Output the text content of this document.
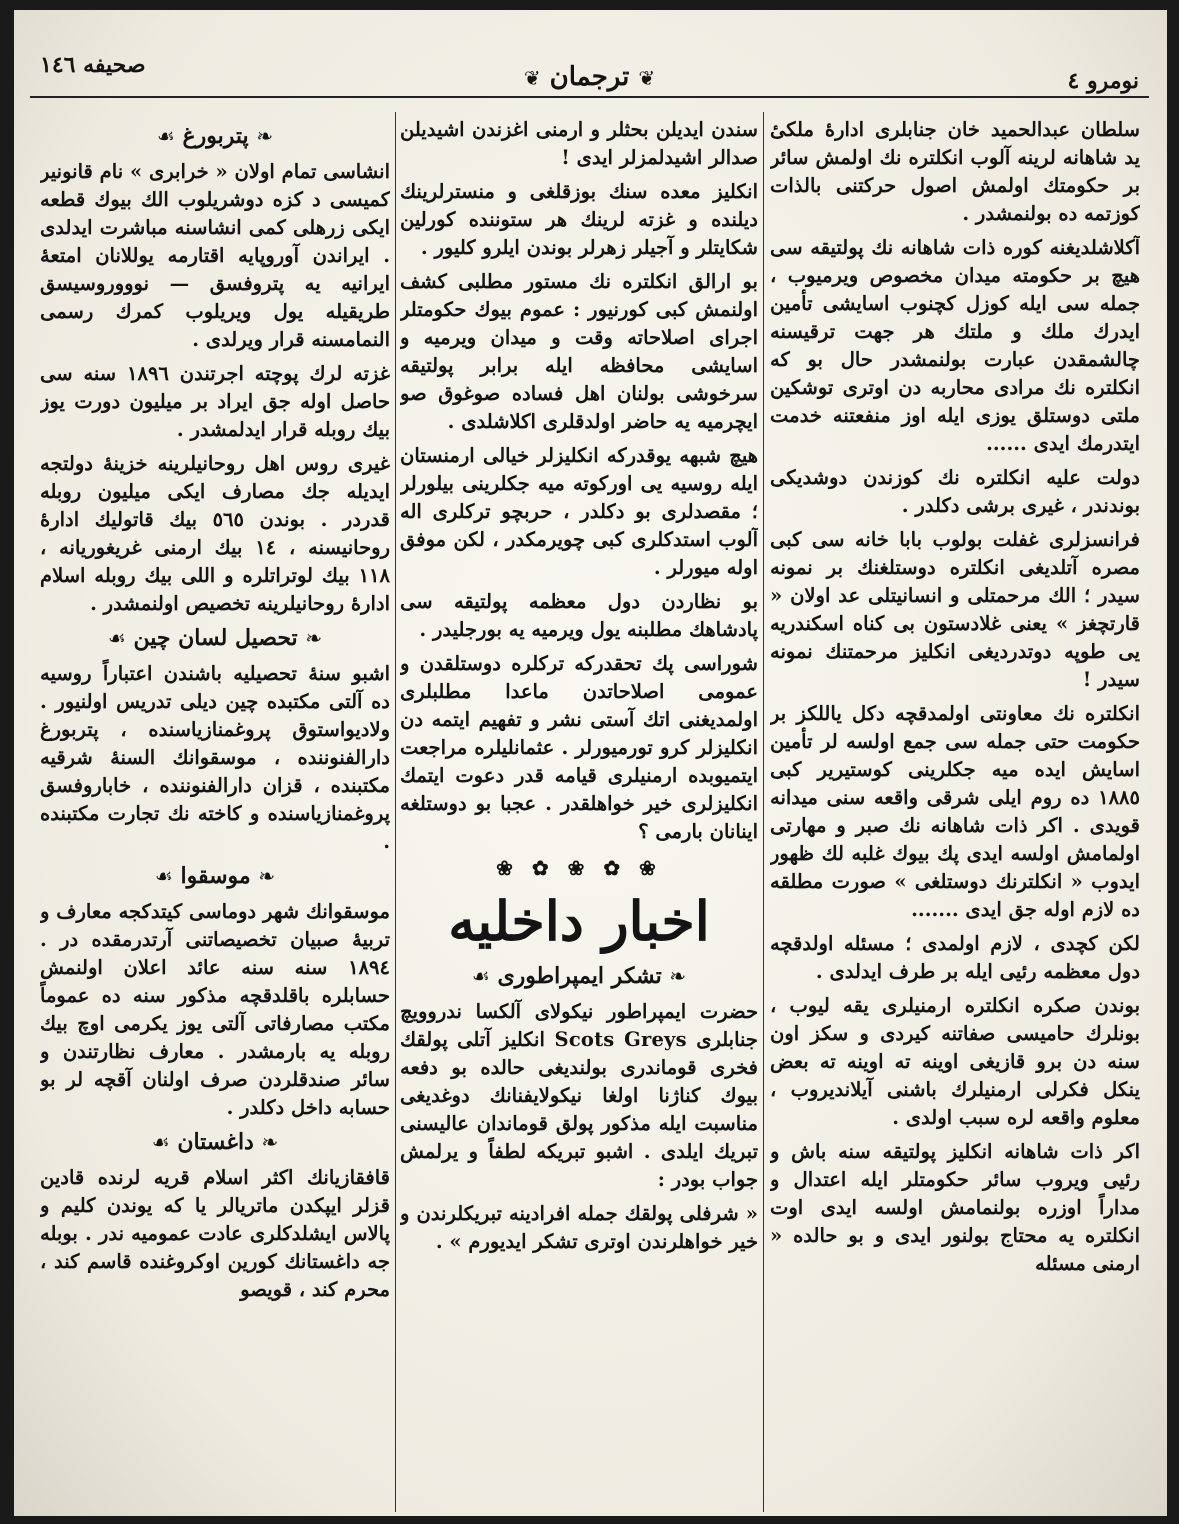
نومرو ٤
❦ ترجمان ❦
صحيفه ١٤٦

سلطان عبدالحميد خان جنابلرى ادارهٔ ملكىٔ يد شاهانه لرينه آلوب انكلتره نك اولمش سائر بر حكومتك اولمش اصول حركتنى بالذات كوزتمه ده بولنمشدر .

آكلاشلديغنه كوره ذات شاهانه نك پولتيقه سى هيچ بر حكومته ميدان مخصوص ويرميوب ، جمله سى ايله كوزل كچنوب اسايشى تأمين ايدرك ملك و ملتك هر جهت ترقيسنه چالشمقدن عبارت بولنمشدر حال بو كه انكلتره نك مرادى محاربه دن اوترى توشكين ملتى دوستلق يوزى ايله اوز منفعتنه خدمت ايتدرمك ايدى ......

دولت عليه انكلتره نك كوزندن دوشديكى بوندندر ، غيرى برشى دكلدر .

فرانسزلرى غفلت بولوب بابا خانه سى كبى مصره آتلديغى انكلتره دوستلغنك بر نمونه سيدر ؛ الك مرحمتلى و انسانيتلى عد اولان « قارتچغز » يعنى غلادستون بى كناه اسكندريه يى طوپه دوتدرديغى انكليز مرحمتنك نمونه سيدر !

انكلتره نك معاونتى اولمدقچه دكل ياللكز بر حكومت حتى جمله سى جمع اولسه لر تأمين اسايش ايده ميه جكلرينى كوستيرير كبى ١٨٨٥ ده روم ايلى شرقى واقعه سنى ميدانه قويدى . اكر ذات شاهانه نك صبر و مهارتى اولمامش اولسه ايدى پك بيوك غلبه لك ظهور ايدوب « انكلترنك دوستلغى » صورت مطلقه ده لازم اوله جق ايدى .......

لكن كچدى ، لازم اولمدى ؛ مسئله اولدقچه دول معظمه رئيى ايله بر طرف ايدلدى .

بوندن صكره انكلتره ارمنيلرى يقه ليوب ، بونلرك حاميسى صفاتنه كيردى و سكز اون سنه دن برو قازيغى اوينه ته اوينه ته بعض ينكل فكرلى ارمنيلرك باشنى آيلانديروب ، معلوم واقعه لره سبب اولدى .

اكر ذات شاهانه انكليز پولتيقه سنه باش و رئيى ويروب سائر حكومتلر ايله اعتدال و مداراً اوزره بولنمامش اولسه ايدى اوت انكلتره يه محتاج بولنور ايدى و بو حالده « ارمنى مسئله

سندن ايديلن بحثلر و ارمنى اغزندن اشيديلن صدالر اشيدلمزلر ايدى !

انكليز معده سنك بوزقلغى و منسترلرينك ديلنده و غزته لرينك هر ستوننده كورلين شكايتلر و آجيلر زهرلر بوندن ايلرو كليور .

بو ارالق انكلتره نك مستور مطلبى كشف اولنمش كبى كورنيور : عموم بيوك حكومتلر اجراى اصلاحاته وقت و ميدان ويرميه و اسايشى محافظه ايله برابر پولتيقه سرخوشى بولنان اهل فساده صوغوق صو ايچرميه يه حاضر اولدقلرى اكلاشلدى .

هيچ شبهه يوقدركه انكليزلر خيالى ارمنستان ايله روسيه يى اوركوته ميه جكلرينى بيلورلر ؛ مقصدلرى بو دكلدر ، حربچو تركلرى اله آلوب استدكلرى كبى چويرمكدر ، لكن موفق اوله ميورلر .

بو نظاردن دول معظمه پولتيقه سى پادشاهك مطلبنه يول ويرميه يه بورجليدر .

شوراسى پك تحقدركه تركلره دوستلقدن و عمومى اصلاحاتدن ماعدا مطلبلرى اولمديغنى اتك آستى نشر و تفهيم ايتمه دن انكليزلر كرو تورميورلر . عثمانليلره مراجعت ايتميوبده ارمنيلرى قيامه قدر دعوت ايتمك انكليزلرى خير خواهلقدر . عجبا بو دوستلغه اينانان بارمى ؟

❀ ✿ ❀ ✿ ❀
اخبار داخليه
❧ تشكر ايمپراطورى ☙

حضرت ايمپراطور نيكولاى آلكسا ندروويچ جنابلرى Scots Greys انكليز آتلى پولقك فخرى قوماندرى بولنديغى حالده بو دفعه بيوك كناژنا اولغا نيكولايفنانك دوغديغى مناسبت ايله مذكور پولق قوماندان عاليسنى تبريك ايلدى . اشبو تبريكه لطفاً و يرلمش جواب بودر :

« شرفلى پولقك جمله افرادينه تبريكلرندن و خير خواهلرندن اوترى تشكر ايديورم » .

❧ پتربورغ ☙

انشاسى تمام اولان « خرابرى » نام قانونير كميسى د كزه دوشريلوب الك بيوك قطعه ايكى زرهلى كمى انشاسنه مباشرت ايدلدى . ايراندن آوروپايه اقتارمه يوللانان امتعهٔ ايرانيه يه پتروفسق — نوووروسيسق طريقيله يول ويريلوب كمرك رسمى النمامسنه قرار ويرلدى .

غزته لرك پوچته اجرتندن ١٨٩٦ سنه سى حاصل اوله جق ايراد بر ميليون دورت يوز بيك روبله قرار ايدلمشدر .

غيرى روس اهل روحانيلرينه خزينهٔ دولتجه ايديله جك مصارف ايكى ميليون روبله قدردر . بوندن ٥٦٥ بيك قاتوليك ادارهٔ روحانيسنه ، ١٤ بيك ارمنى غريغوريانه ، ١١٨ بيك لوتراتلره و اللى بيك روبله اسلام ادارهٔ روحانيلرينه تخصيص اولنمشدر .

❧ تحصيل لسان چين ☙

اشبو سنهٔ تحصيليه باشندن اعتباراً روسيه ده آلتى مكتبده چين ديلى تدريس اولنيور . ولاديواستوق پروغمنازياسنده ، پتربورغ دارالفنوننده ، موسقوانك السنهٔ شرقيه مكتبنده ، قزان دارالفنوننده ، خاباروفسق پروغمنازياسنده و كاخته نك تجارت مكتبنده .

❧ موسقوا ☙

موسقوانك شهر دوماسى كيتدكجه معارف و تربيهٔ صبيان تخصيصاتنى آرتدرمقده در . ١٨٩٤ سنه سنه عائد اعلان اولنمش حسابلره باقلدقچه مذكور سنه ده عموماً مكتب مصارفاتى آلتى يوز يكرمى اوچ بيك روبله يه بارمشدر . معارف نظارتندن و سائر صندقلردن صرف اولنان آقچه لر بو حسابه داخل دكلدر .

❧ داغستان ☙

قافقازيانك اكثر اسلام قريه لرنده قادين قزلر ايپكدن ماتريالر يا كه يوندن كليم و پالاس ايشلدكلرى عادت عموميه ندر . بوبله جه داغستانك كورين اوكروغنده قاسم كند ، محرم كند ، قويصو
